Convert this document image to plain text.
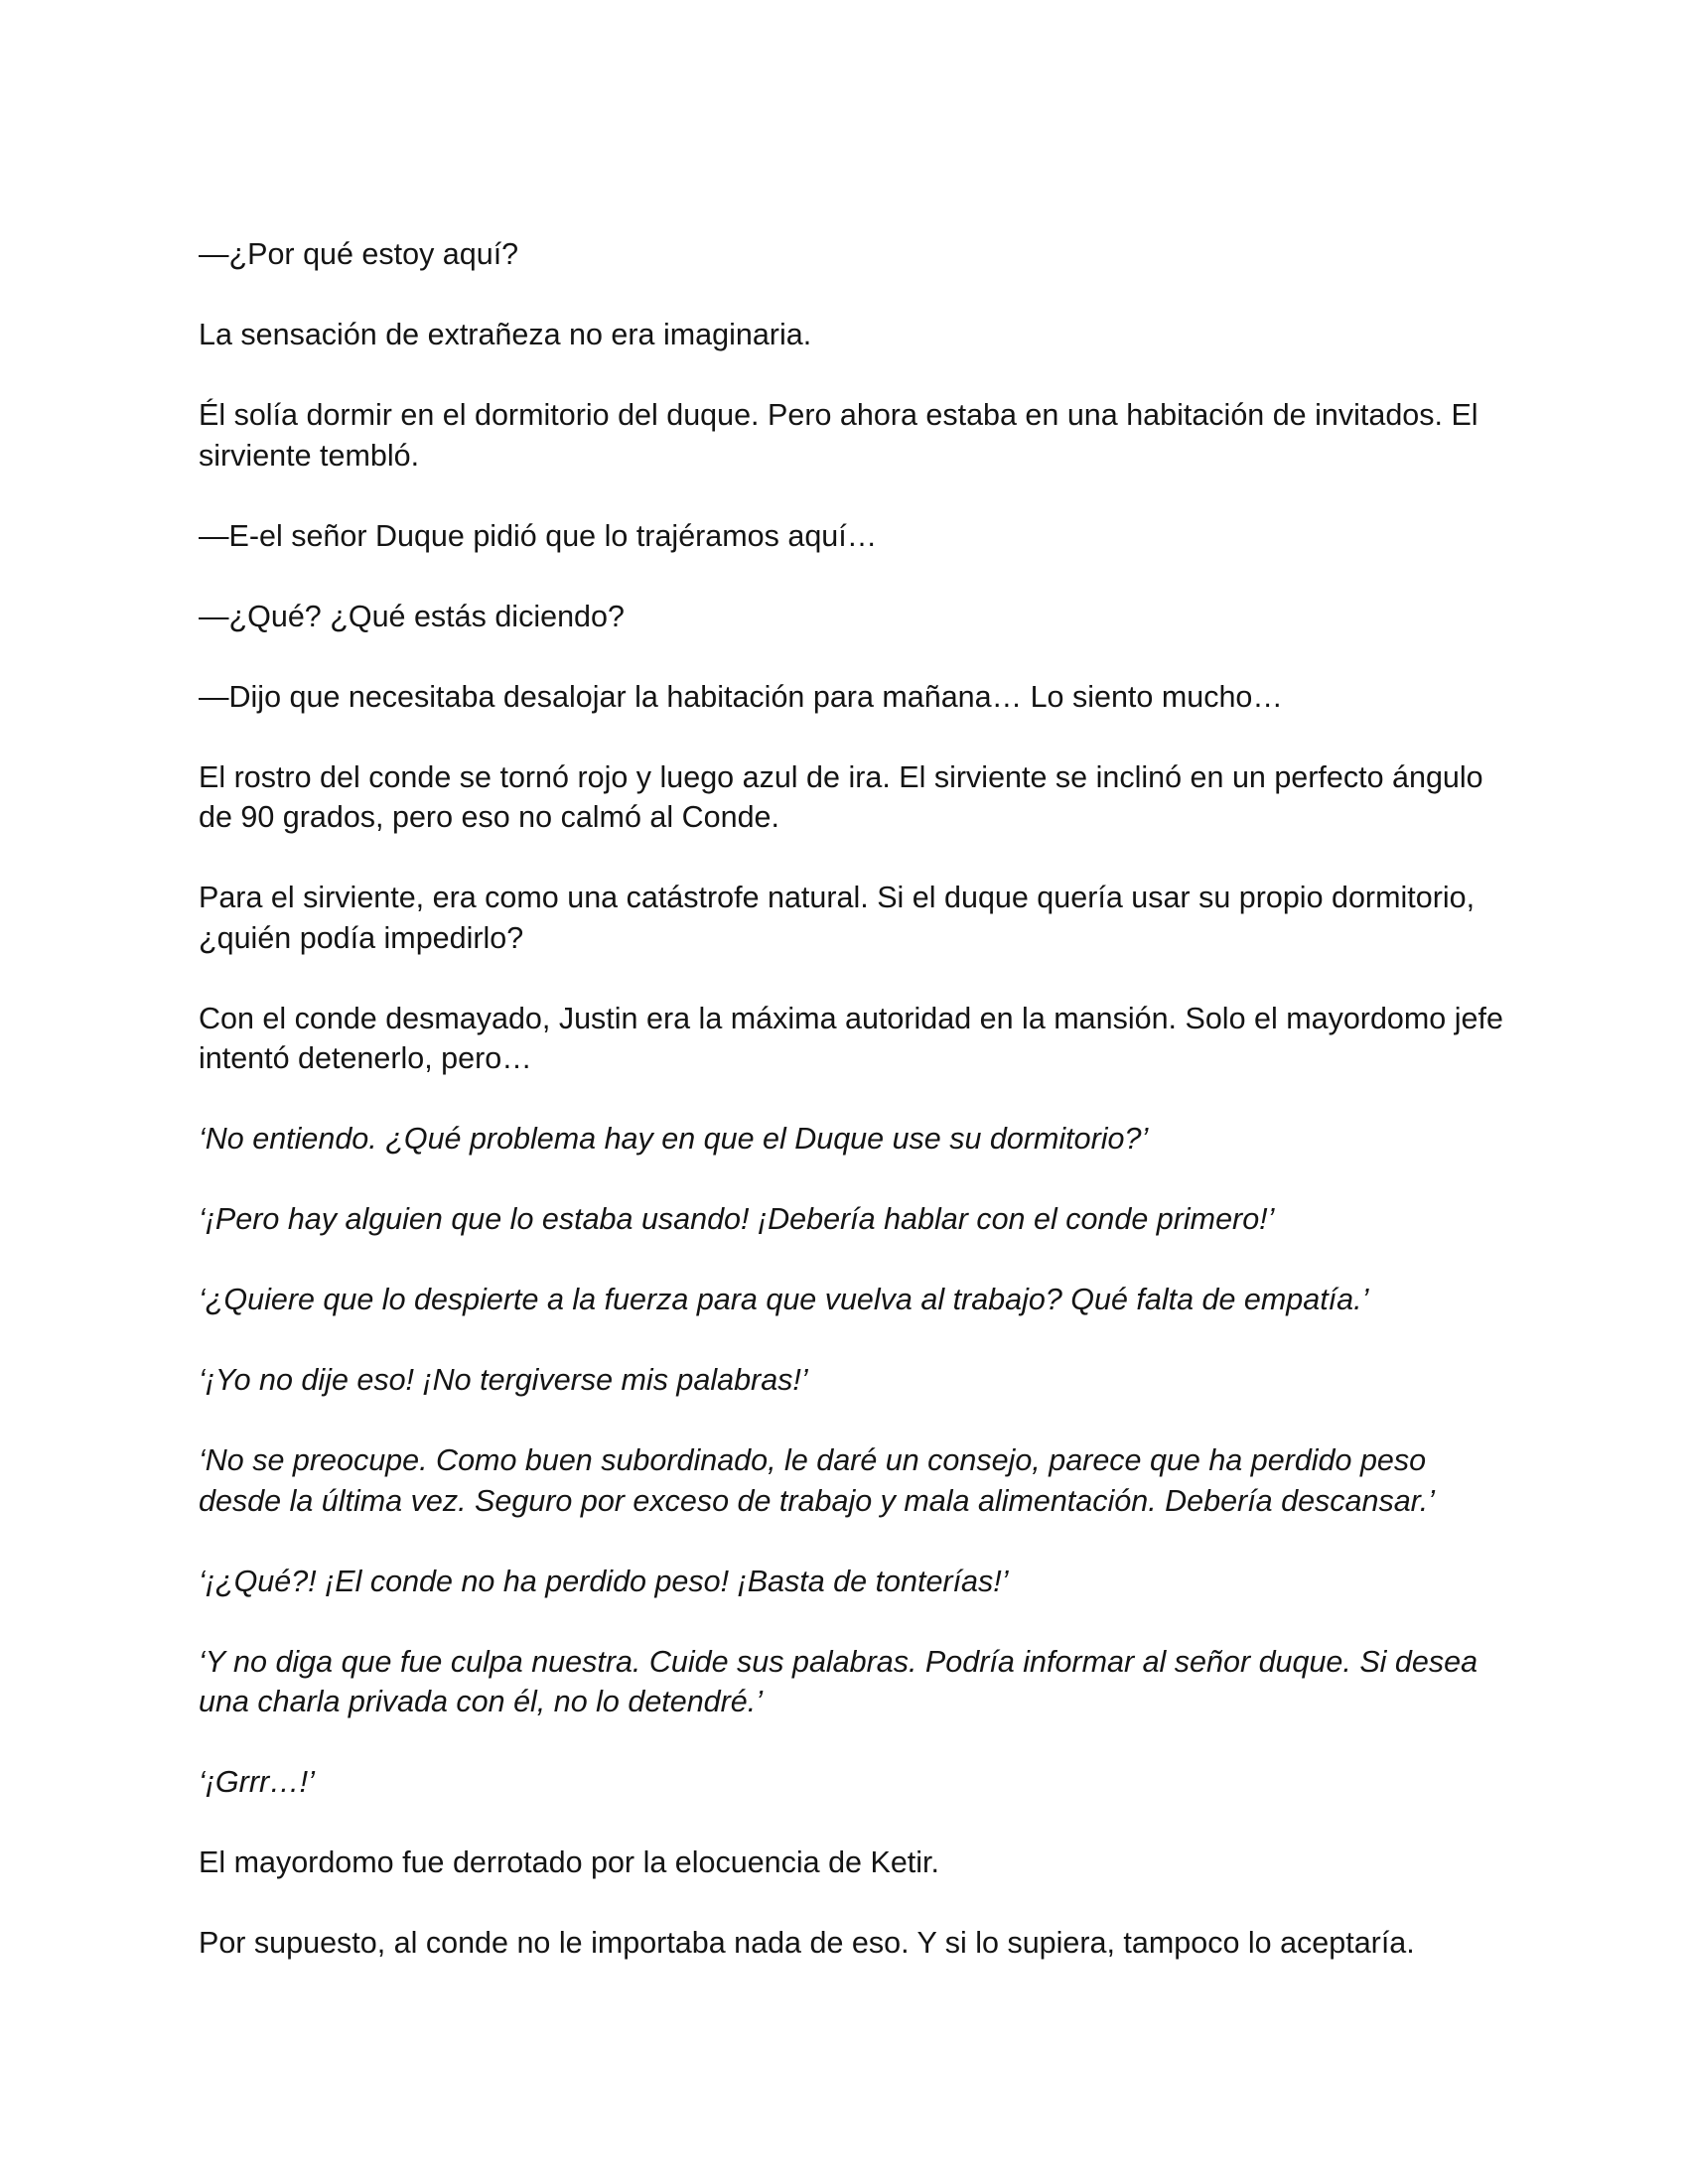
—¿Por qué estoy aquí?

La sensación de extrañeza no era imaginaria.

Él solía dormir en el dormitorio del duque. Pero ahora estaba en una habitación de invitados. El sirviente tembló.

—E-el señor Duque pidió que lo trajéramos aquí…

—¿Qué? ¿Qué estás diciendo?

—Dijo que necesitaba desalojar la habitación para mañana… Lo siento mucho…

El rostro del conde se tornó rojo y luego azul de ira. El sirviente se inclinó en un perfecto ángulo de 90 grados, pero eso no calmó al Conde.

Para el sirviente, era como una catástrofe natural. Si el duque quería usar su propio dormitorio, ¿quién podía impedirlo?

Con el conde desmayado, Justin era la máxima autoridad en la mansión. Solo el mayordomo jefe intentó detenerlo, pero…

‘No entiendo. ¿Qué problema hay en que el Duque use su dormitorio?’

‘¡Pero hay alguien que lo estaba usando! ¡Debería hablar con el conde primero!’

‘¿Quiere que lo despierte a la fuerza para que vuelva al trabajo? Qué falta de empatía.’

‘¡Yo no dije eso! ¡No tergiverse mis palabras!’

‘No se preocupe. Como buen subordinado, le daré un consejo, parece que ha perdido peso desde la última vez. Seguro por exceso de trabajo y mala alimentación. Debería descansar.’

‘¡¿Qué?! ¡El conde no ha perdido peso! ¡Basta de tonterías!’

‘Y no diga que fue culpa nuestra. Cuide sus palabras. Podría informar al señor duque. Si desea una charla privada con él, no lo detendré.’

‘¡Grrr…!’

El mayordomo fue derrotado por la elocuencia de Ketir.

Por supuesto, al conde no le importaba nada de eso. Y si lo supiera, tampoco lo aceptaría.
